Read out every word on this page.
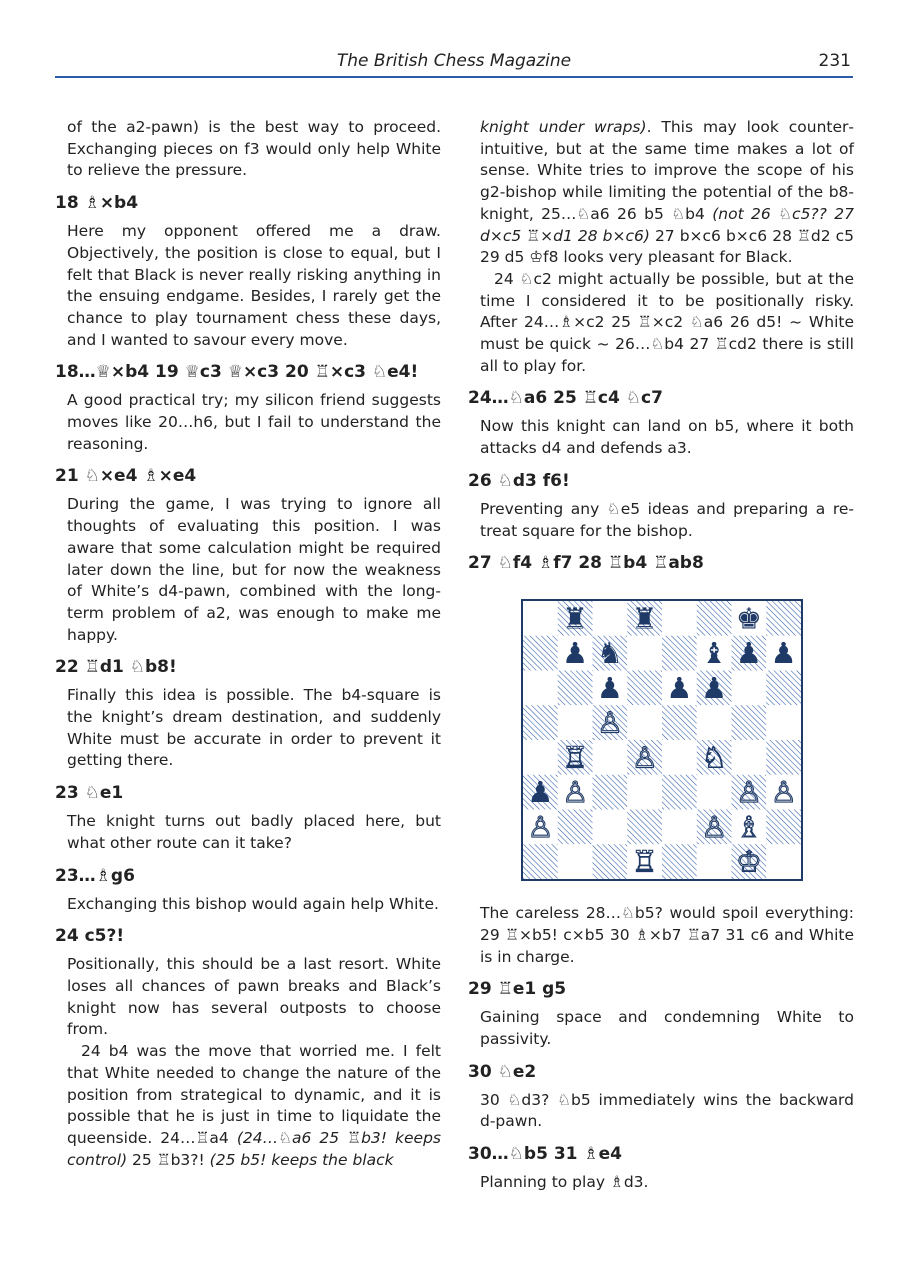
The British Chess Magazine	231

of the a2-pawn) is the best way to proceed. Exchanging pieces on f3 would only help White to relieve the pressure.

18 ♗×b4

Here my opponent offered me a draw. Objectively, the position is close to equal, but I felt that Black is never really risking anything in the ensuing endgame. Besides, I rarely get the chance to play tournament chess these days, and I wanted to savour every move.

18…♕×b4 19 ♕c3 ♕×c3 20 ♖×c3 ♘e4!

A good practical try; my silicon friend suggests moves like 20…h6, but I fail to understand the reasoning.

21 ♘×e4 ♗×e4

During the game, I was trying to ignore all thoughts of evaluating this position. I was aware that some calculation might be required later down the line, but for now the weakness of White’s d4-pawn, combined with the long-term problem of a2, was enough to make me happy.

22 ♖d1 ♘b8!

Finally this idea is possible. The b4-square is the knight’s dream destination, and suddenly White must be accurate in order to prevent it getting there.

23 ♘e1

The knight turns out badly placed here, but what other route can it take?

23…♗g6

Exchanging this bishop would again help White.

24 c5?!

Positionally, this should be a last resort. White loses all chances of pawn breaks and Black’s knight now has several outposts to choose from.

24 b4 was the move that worried me. I felt that White needed to change the nature of the position from strategical to dynamic, and it is possible that he is just in time to liquidate the queenside. 24…♖a4 (24…♘a6 25 ♖b3! keeps control) 25 ♖b3?! (25 b5! keeps the black

knight under wraps). This may look counterintuitive, but at the same time makes a lot of sense. White tries to improve the scope of his g2-bishop while limiting the potential of the b8-knight, 25…♘a6 26 b5 ♘b4 (not 26 ♘c5?? 27 d×c5 ♖×d1 28 b×c6) 27 b×c6 b×c6 28 ♖d2 c5 29 d5 ♔f8 looks very pleasant for Black.

24 ♘c2 might actually be possible, but at the time I considered it to be positionally risky. After 24…♗×c2 25 ♖×c2 ♘a6 26 d5! ~ White must be quick ~ 26…♘b4 27 ♖cd2 there is still all to play for.

24…♘a6 25 ♖c4 ♘c7

Now this knight can land on b5, where it both attacks d4 and defends a3.

26 ♘d3 f6!

Preventing any ♘e5 ideas and preparing a retreat square for the bishop.

27 ♘f4 ♗f7 28 ♖b4 ♖ab8
♜ ♜	♚
♟ ♞	♝ ♟ ♟
♟ ♟ ♟
♙
♖ ♙ ♘
♟ ♙	♙ ♙
♙	♙ ♗
♖	♔

The careless 28…♘b5? would spoil everything: 29 ♖×b5! c×b5 30 ♗×b7 ♖a7 31 c6 and White is in charge.

29 ♖e1 g5

Gaining space and condemning White to passivity.

30 ♘e2

30 ♘d3? ♘b5 immediately wins the backward d-pawn.

30…♘b5 31 ♗e4

Planning to play ♗d3.
